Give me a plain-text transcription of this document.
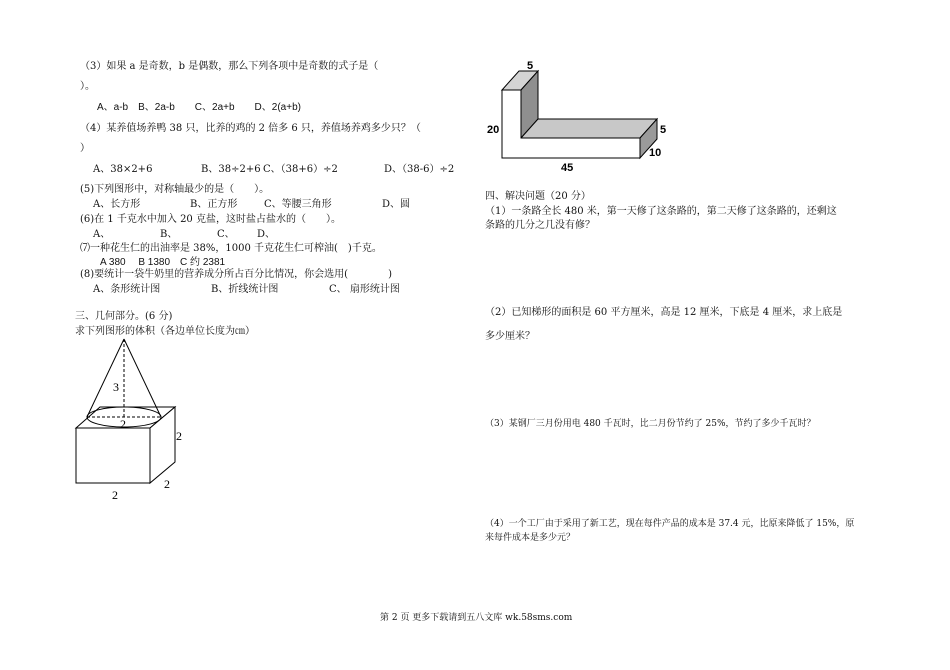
（3）如果 a 是奇数，b 是偶数，那么下列各项中是奇数的式子是（
）。
A、a-b　B、2a-b　　C、2a+b　　D、2(a+b)
（4）某养值场养鸭 38 只，比养的鸡的 2 倍多 6 只，养值场养鸡多少只？（
）
A、38×2+6	B、38÷2+6 C、（38+6）÷2	D、（38-6）÷2
(5)下列图形中，对称轴最少的是（　　）。
A、长方形	B、正方形	C、等腰三角形	D、圆
(6)在 1 千克水中加入 20 克盐，这时盐占盐水的（　　）。
A、	B、	C、 D、
⑺一种花生仁的出油率是 38%，1000 千克花生仁可榨油(　)千克。
A 380　 B 1380　C 约 2381
(8)要统计一袋牛奶里的营养成分所占百分比情况，你会选用(　　　　)
A、条形统计图	B、折线统计图	C、 扇形统计图
三、几何部分。(6 分)
求下列图形的体积（各边单位长度为㎝）
3
2
2
2
2
5
20	5
10
45
四、解决问题（20 分）
（1）一条路全长 480 米，第一天修了这条路的，第二天修了这条路的，还剩这
条路的几分之几没有修？
（2）已知梯形的面积是 60 平方厘米，高是 12 厘米，下底是 4 厘米，求上底是
多少厘米？
（3）某钢厂三月份用电 480 千瓦时，比二月份节约了 25%，节约了多少千瓦时？
（4）一个工厂由于采用了新工艺，现在每件产品的成本是 37.4 元，比原来降低了 15%，原
来每件成本是多少元？
第 2 页 更多下载请到五八文库 wk.58sms.com
